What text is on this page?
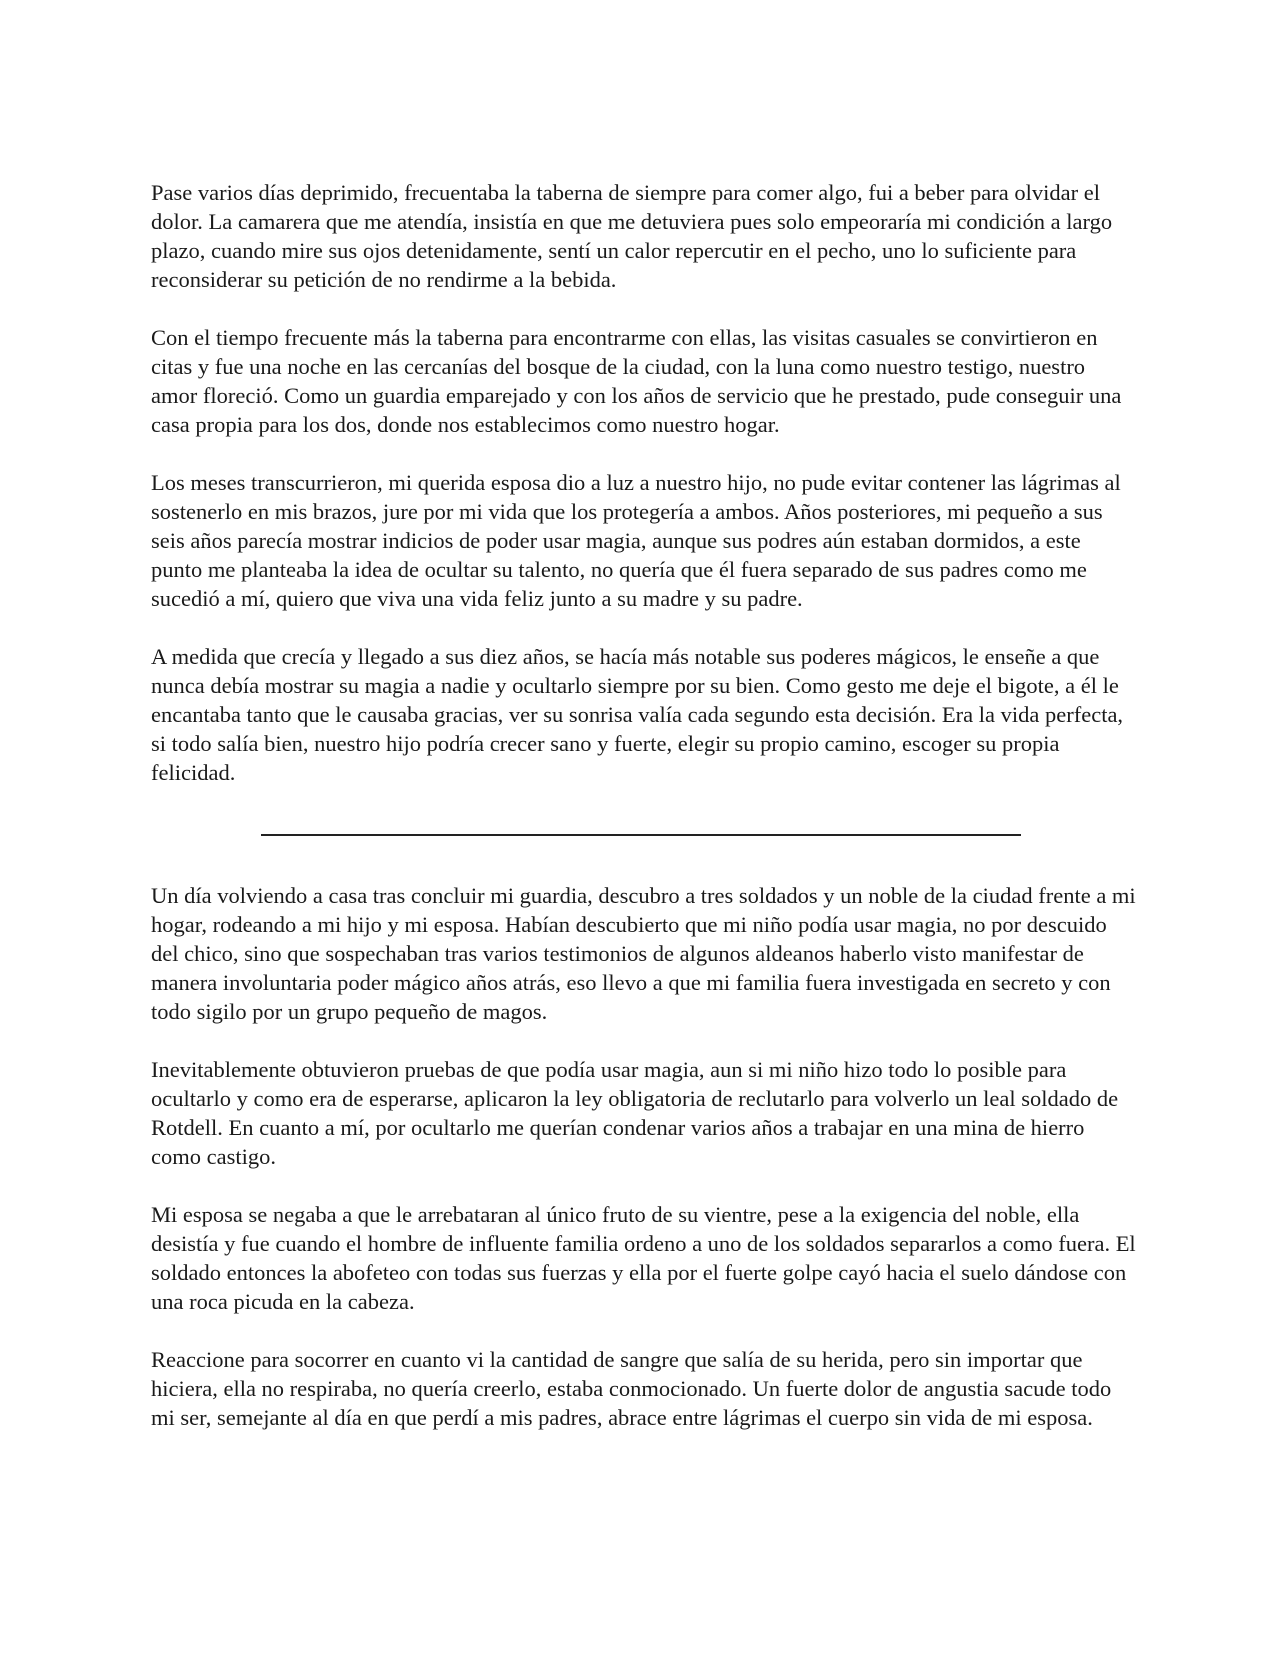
Pase varios días deprimido, frecuentaba la taberna de siempre para comer algo, fui a beber para olvidar el dolor. La camarera que me atendía, insistía en que me detuviera pues solo empeoraría mi condición a largo plazo, cuando mire sus ojos detenidamente, sentí un calor repercutir en el pecho, uno lo suficiente para reconsiderar su petición de no rendirme a la bebida.

Con el tiempo frecuente más la taberna para encontrarme con ellas, las visitas casuales se convirtieron en citas y fue una noche en las cercanías del bosque de la ciudad, con la luna como nuestro testigo, nuestro amor floreció. Como un guardia emparejado y con los años de servicio que he prestado, pude conseguir una casa propia para los dos, donde nos establecimos como nuestro hogar.

Los meses transcurrieron, mi querida esposa dio a luz a nuestro hijo, no pude evitar contener las lágrimas al sostenerlo en mis brazos, jure por mi vida que los protegería a ambos. Años posteriores, mi pequeño a sus seis años parecía mostrar indicios de poder usar magia, aunque sus podres aún estaban dormidos, a este punto me planteaba la idea de ocultar su talento, no quería que él fuera separado de sus padres como me sucedió a mí, quiero que viva una vida feliz junto a su madre y su padre.

A medida que crecía y llegado a sus diez años, se hacía más notable sus poderes mágicos, le enseñe a que nunca debía mostrar su magia a nadie y ocultarlo siempre por su bien. Como gesto me deje el bigote, a él le encantaba tanto que le causaba gracias, ver su sonrisa valía cada segundo esta decisión. Era la vida perfecta, si todo salía bien, nuestro hijo podría crecer sano y fuerte, elegir su propio camino, escoger su propia felicidad.

Un día volviendo a casa tras concluir mi guardia, descubro a tres soldados y un noble de la ciudad frente a mi hogar, rodeando a mi hijo y mi esposa. Habían descubierto que mi niño podía usar magia, no por descuido del chico, sino que sospechaban tras varios testimonios de algunos aldeanos haberlo visto manifestar de manera involuntaria poder mágico años atrás, eso llevo a que mi familia fuera investigada en secreto y con todo sigilo por un grupo pequeño de magos.

Inevitablemente obtuvieron pruebas de que podía usar magia, aun si mi niño hizo todo lo posible para ocultarlo y como era de esperarse, aplicaron la ley obligatoria de reclutarlo para volverlo un leal soldado de Rotdell. En cuanto a mí, por ocultarlo me querían condenar varios años a trabajar en una mina de hierro como castigo.

Mi esposa se negaba a que le arrebataran al único fruto de su vientre, pese a la exigencia del noble, ella desistía y fue cuando el hombre de influente familia ordeno a uno de los soldados separarlos a como fuera. El soldado entonces la abofeteo con todas sus fuerzas y ella por el fuerte golpe cayó hacia el suelo dándose con una roca picuda en la cabeza.

Reaccione para socorrer en cuanto vi la cantidad de sangre que salía de su herida, pero sin importar que hiciera, ella no respiraba, no quería creerlo, estaba conmocionado. Un fuerte dolor de angustia sacude todo mi ser, semejante al día en que perdí a mis padres, abrace entre lágrimas el cuerpo sin vida de mi esposa.
